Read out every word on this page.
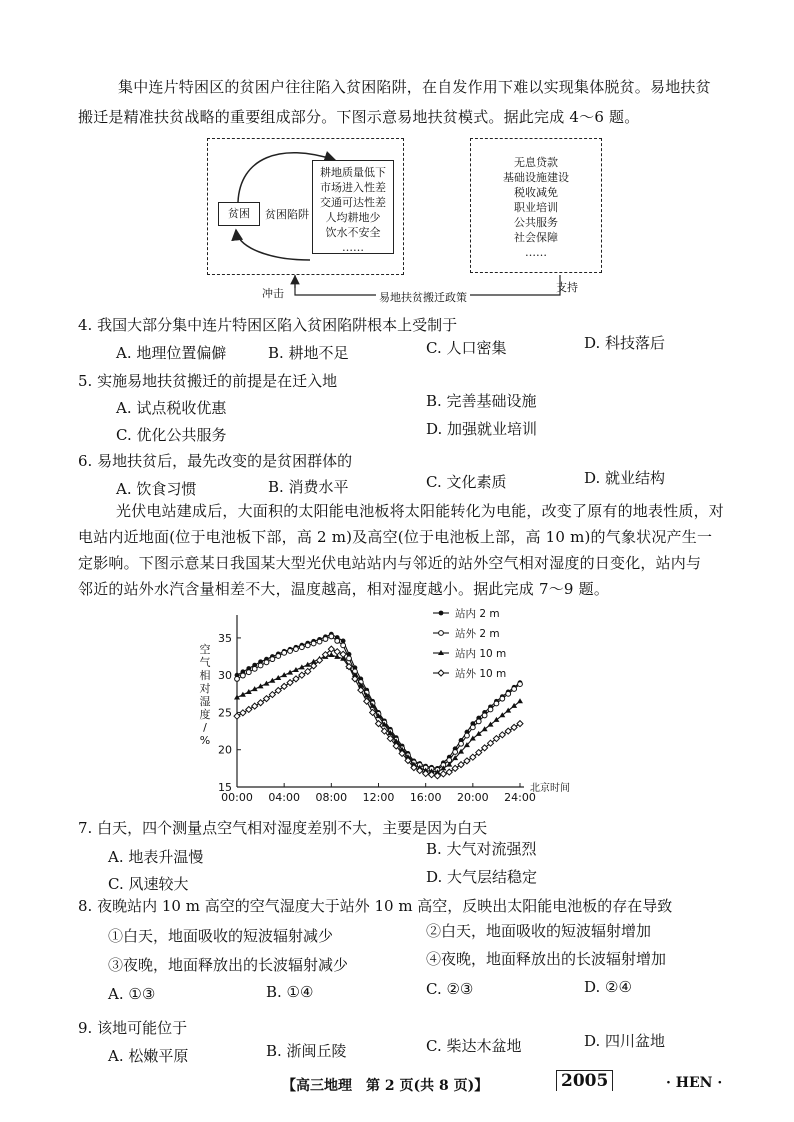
集中连片特困区的贫困户往往陷入贫困陷阱，在自发作用下难以实现集体脱贫。易地扶贫
搬迁是精准扶贫战略的重要组成部分。下图示意易地扶贫模式。据此完成 4～6 题。
贫困	贫困陷阱
耕地质量低下
市场进入性差
交通可达性差
人均耕地少
饮水不安全
……
无息贷款
基础设施建设
税收减免
职业培训
公共服务
社会保障
……
冲击	易地扶贫搬迁政策
支持
4. 我国大部分集中连片特困区陷入贫困陷阱根本上受制于
A. 地理位置偏僻	B. 耕地不足	C. 人口密集	D. 科技落后
5. 实施易地扶贫搬迁的前提是在迁入地
A. 试点税收优惠	B. 完善基础设施
C. 优化公共服务	D. 加强就业培训
6. 易地扶贫后，最先改变的是贫困群体的
A. 饮食习惯	B. 消费水平	C. 文化素质	D. 就业结构
光伏电站建成后，大面积的太阳能电池板将太阳能转化为电能，改变了原有的地表性质，对
电站内近地面(位于电池板下部，高 2 m)及高空(位于电池板上部，高 10 m)的气象状况产生一
定影响。下图示意某日我国某大型光伏电站站内与邻近的站外空气相对湿度的日变化，站内与
邻近的站外水汽含量相差不大，温度越高，相对湿度越小。据此完成 7～9 题。
空
气
相
对
湿
度
/
%
北京时间
15
20
25
30
35
00:00 04:00 08:00 12:00 16:00 20:00 24:00
站内 2 m
站外 2 m
站内 10 m
站外 10 m
7. 白天，四个测量点空气相对湿度差别不大，主要是因为白天
A. 地表升温慢	B. 大气对流强烈
C. 风速较大	D. 大气层结稳定
8. 夜晚站内 10 m 高空的空气湿度大于站外 10 m 高空，反映出太阳能电池板的存在导致
①白天，地面吸收的短波辐射减少	②白天，地面吸收的短波辐射增加
③夜晚，地面释放出的长波辐射减少	④夜晚，地面释放出的长波辐射增加
A. ①③	B. ①④	C. ②③	D. ②④
9. 该地可能位于
A. 松嫩平原	B. 浙闽丘陵	C. 柴达木盆地	D. 四川盆地
【高三地理　第 2 页(共 8 页)】	2005	· HEN ·
